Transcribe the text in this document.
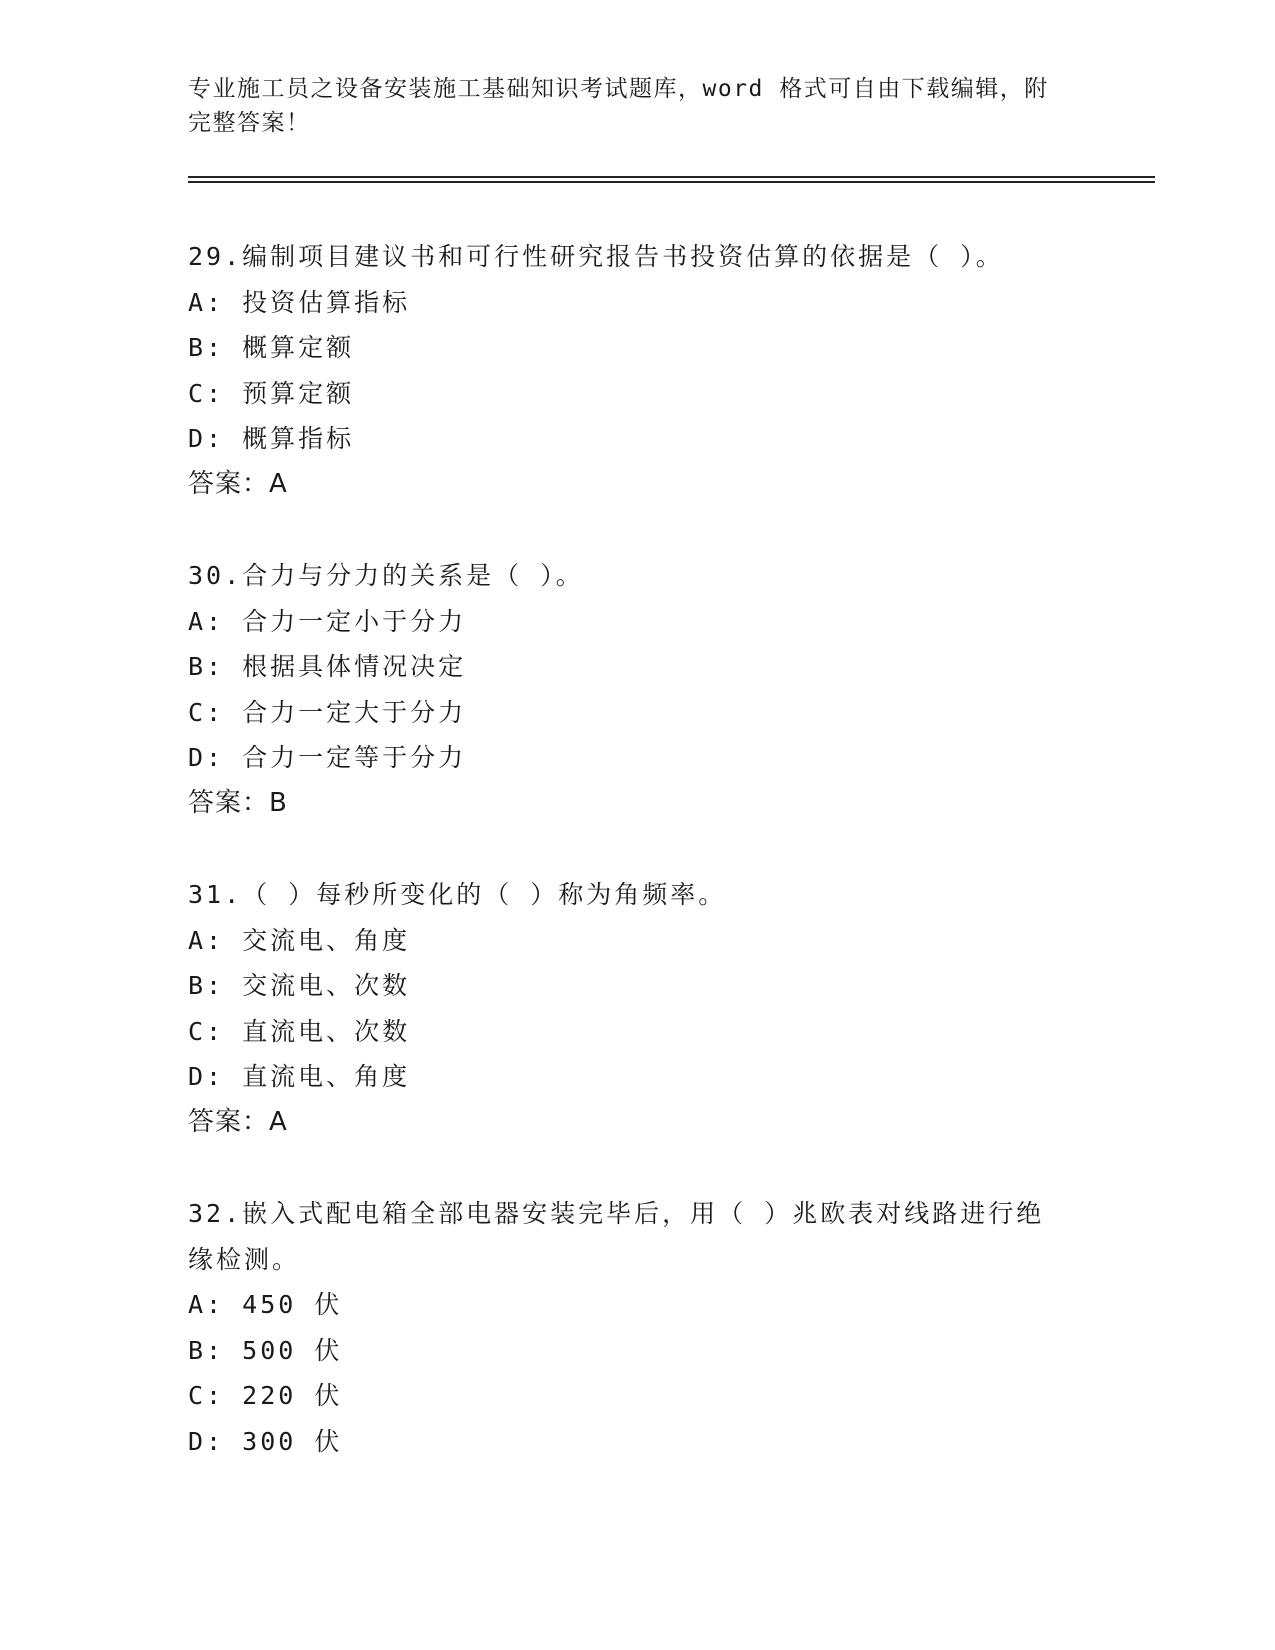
专业施工员之设备安装施工基础知识考试题库，word 格式可自由下载编辑，附完整答案！

29.编制项目建议书和可行性研究报告书投资估算的依据是（ ）。

A: 投资估算指标

B: 概算定额

C: 预算定额

D: 概算指标

答案：A

30.合力与分力的关系是（ ）。

A: 合力一定小于分力

B: 根据具体情况决定

C: 合力一定大于分力

D: 合力一定等于分力

答案：B

31.（ ）每秒所变化的（ ）称为角频率。

A: 交流电、角度

B: 交流电、次数

C: 直流电、次数

D: 直流电、角度

答案：A

32.嵌入式配电箱全部电器安装完毕后，用（ ）兆欧表对线路进行绝缘检测。

A: 450 伏

B: 500 伏

C: 220 伏

D: 300 伏
